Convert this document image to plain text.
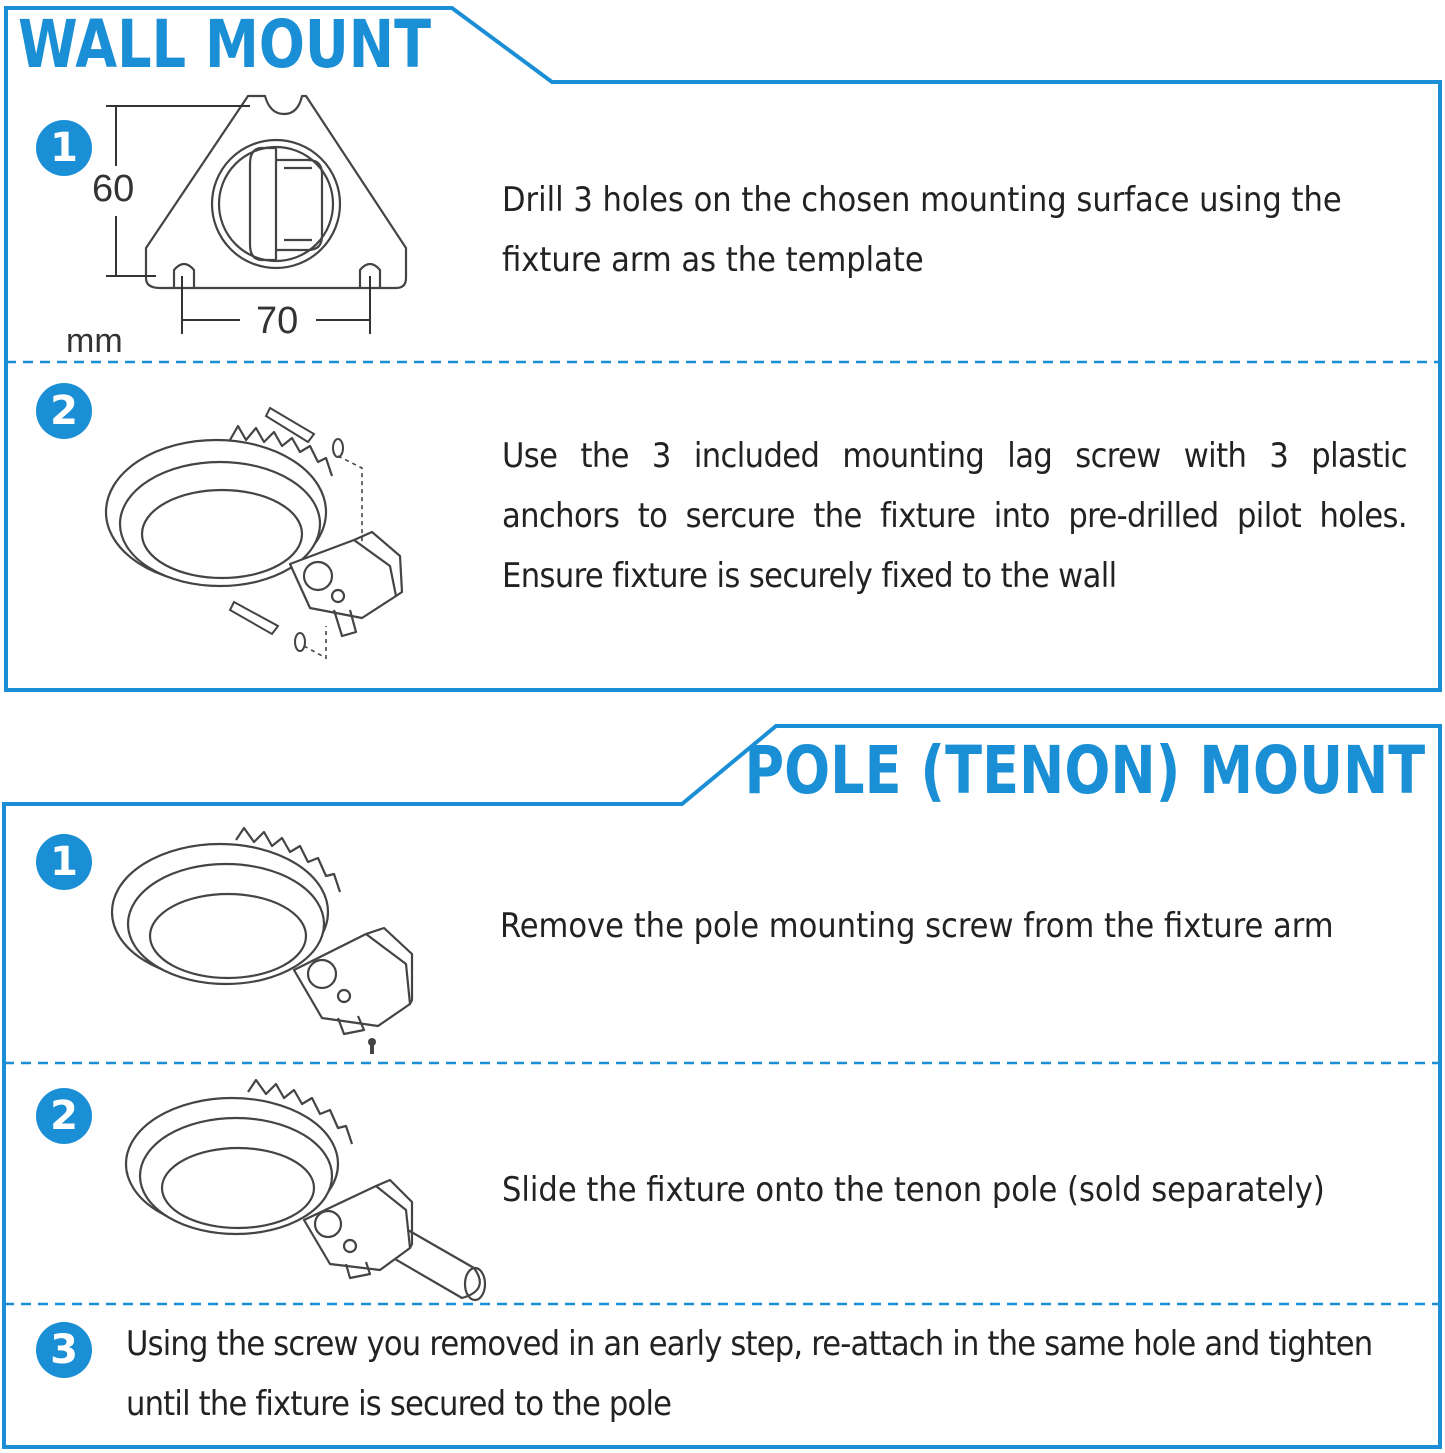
WALL MOUNT
POLE (TENON) MOUNT
1
60
70
mm

Drill 3 holes on the chosen mounting surface using the fixture arm as the template

2

Use the 3 included mounting lag screw with 3 plastic anchors to sercure the fixture into pre-drilled pilot holes. Ensure fixture is securely fixed to the wall

1

Remove the pole mounting screw from the fixture arm

2

Slide the fixture onto the tenon pole (sold separately)

3	Using the screw you removed in an early step, re-attach in the same hole and tighten until the fixture is secured to the pole
